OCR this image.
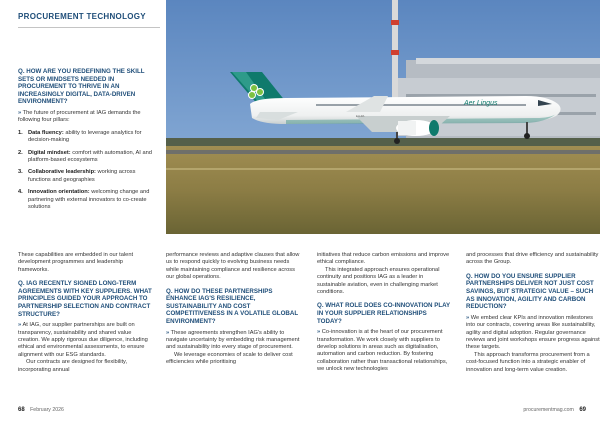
PROCUREMENT TECHNOLOGY

Q. HOW ARE YOU REDEFINING THE SKILL SETS OR MINDSETS NEEDED IN PROCUREMENT TO THRIVE IN AN INCREASINGLY DIGITAL, DATA-DRIVEN ENVIRONMENT?

» The future of procurement at IAG demands the following four pillars:

1. Data fluency: ability to leverage analytics for decision-making
2. Digital mindset: comfort with automation, AI and platform-based ecosystems
3. Collaborative leadership: working across functions and geographies
4. Innovation orientation: welcoming change and partnering with external innovators to co-create solutions
Aer Lingus
EI-LRA

These capabilities are embedded in our talent development programmes and leadership frameworks.

Q. IAG RECENTLY SIGNED LONG-TERM AGREEMENTS WITH KEY SUPPLIERS. WHAT PRINCIPLES GUIDED YOUR APPROACH TO PARTNERSHIP SELECTION AND CONTRACT STRUCTURE?

» At IAG, our supplier partnerships are built on transparency, sustainability and shared value creation. We apply rigorous due diligence, including ethical and environmental assessments, to ensure alignment with our ESG standards.

Our contracts are designed for flexibility, incorporating annual

performance reviews and adaptive clauses that allow us to respond quickly to evolving business needs while maintaining compliance and resilience across our global operations.

Q. HOW DO THESE PARTNERSHIPS ENHANCE IAG'S RESILIENCE, SUSTAINABILITY AND COST COMPETITIVENESS IN A VOLATILE GLOBAL ENVIRONMENT?

» These agreements strengthen IAG's ability to navigate uncertainty by embedding risk management and sustainability into every stage of procurement.

We leverage economies of scale to deliver cost efficiencies while prioritising

initiatives that reduce carbon emissions and improve ethical compliance.

This integrated approach ensures operational continuity and positions IAG as a leader in sustainable aviation, even in challenging market conditions.

Q. WHAT ROLE DOES CO-INNOVATION PLAY IN YOUR SUPPLIER RELATIONSHIPS TODAY?

» Co-innovation is at the heart of our procurement transformation. We work closely with suppliers to develop solutions in areas such as digitalisation, automation and carbon reduction. By fostering collaboration rather than transactional relationships, we unlock new technologies

and processes that drive efficiency and sustainability across the Group.

Q. HOW DO YOU ENSURE SUPPLIER PARTNERSHIPS DELIVER NOT JUST COST SAVINGS, BUT STRATEGIC VALUE – SUCH AS INNOVATION, AGILITY AND CARBON REDUCTION?

» We embed clear KPIs and innovation milestones into our contracts, covering areas like sustainability, agility and digital adoption. Regular governance reviews and joint workshops ensure progress against these targets.

This approach transforms procurement from a cost-focused function into a strategic enabler of innovation and long-term value creation.

68 February 2026	procurementmag.com 69
